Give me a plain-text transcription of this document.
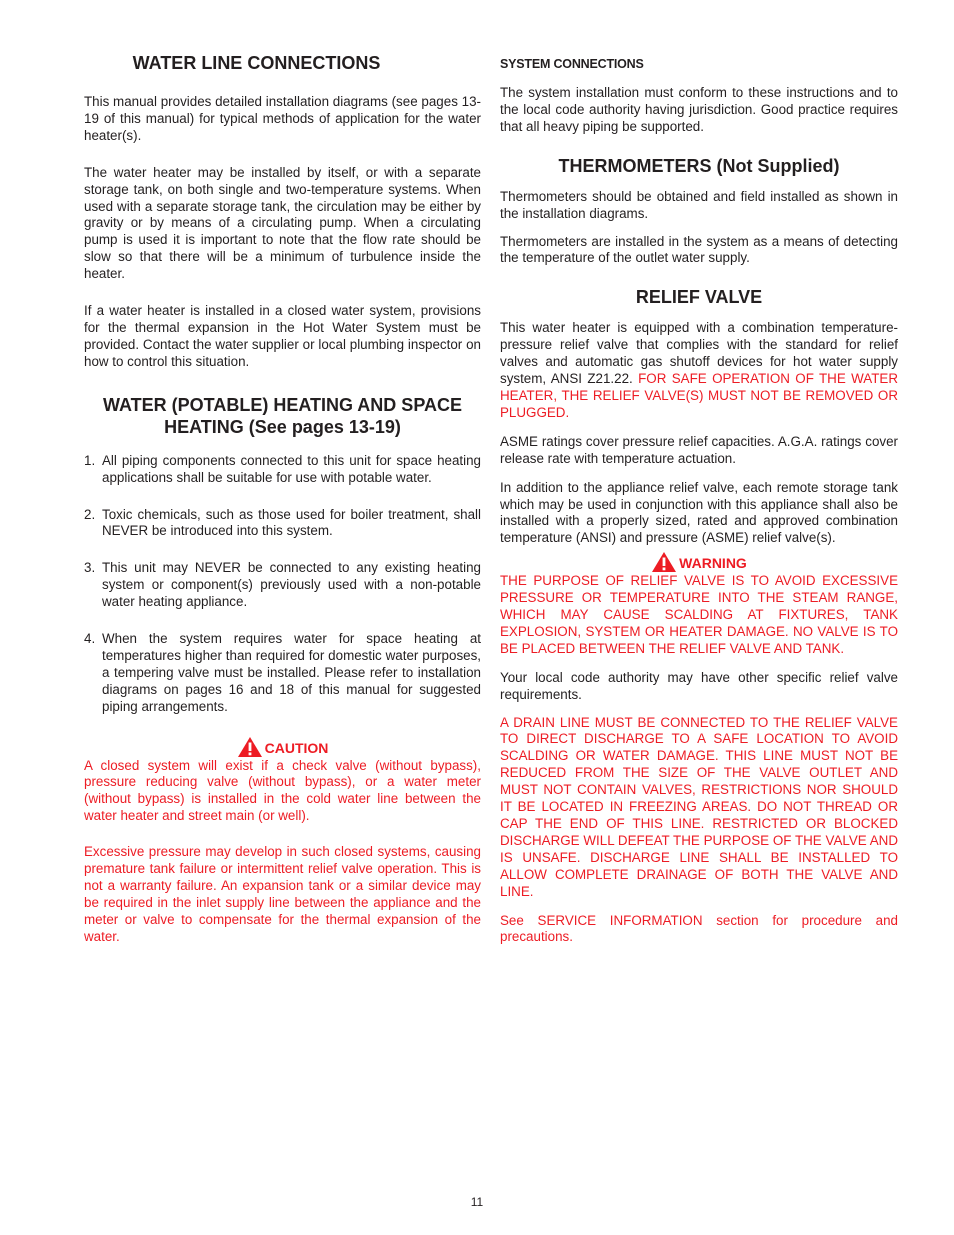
WATER LINE CONNECTIONS

This manual provides detailed installation diagrams (see pages 13-19 of this manual) for typical methods of application for the water heater(s).

The water heater may be installed by itself, or with a separate storage tank, on both single and two-temperature systems. When used with a separate storage tank, the circulation may be either by gravity or by means of a circulating pump. When a circulating pump is used it is important to note that the flow rate should be slow so that there will be a minimum of turbulence inside the heater.

If a water heater is installed in a closed water system, provisions for the thermal expansion in the Hot Water System must be provided. Contact the water supplier or local plumbing inspector on how to control this situation.

WATER (POTABLE) HEATING AND SPACE
HEATING (See pages 13-19)
1. All piping components connected to this unit for space heating applications shall be suitable for use with potable water.
2. Toxic chemicals, such as those used for boiler treatment, shall NEVER be introduced into this system.
3. This unit may NEVER be connected to any existing heating system or component(s) previously used with a non-potable water heating appliance.
4. When the system requires water for space heating at temperatures higher than required for domestic water purposes, a tempering valve must be installed. Please refer to installation diagrams on pages 16 and 18 of this manual for suggested piping arrangements.
CAUTION

A closed system will exist if a check valve (without bypass), pressure reducing valve (without bypass), or a water meter (without bypass) is installed in the cold water line between the water heater and street main (or well).

Excessive pressure may develop in such closed systems, causing premature tank failure or intermittent relief valve operation. This is not a warranty failure. An expansion tank or a similar device may be required in the inlet supply line between the appliance and the meter or valve to compensate for the thermal expansion of the water.

SYSTEM CONNECTIONS

The system installation must conform to these instructions and to the local code authority having jurisdiction. Good practice requires that all heavy piping be supported.

THERMOMETERS (Not Supplied)

Thermometers should be obtained and field installed as shown in the installation diagrams.

Thermometers are installed in the system as a means of detecting the temperature of the outlet water supply.

RELIEF VALVE

This water heater is equipped with a combination temperature-pressure relief valve that complies with the standard for relief valves and automatic gas shutoff devices for hot water supply system, ANSI Z21.22. FOR SAFE OPERATION OF THE WATER HEATER, THE RELIEF VALVE(S) MUST NOT BE REMOVED OR PLUGGED.

ASME ratings cover pressure relief capacities. A.G.A. ratings cover release rate with temperature actuation.

In addition to the appliance relief valve, each remote storage tank which may be used in conjunction with this appliance shall also be installed with a properly sized, rated and approved combination temperature (ANSI) and pressure (ASME) relief valve(s).

WARNING

THE PURPOSE OF RELIEF VALVE IS TO AVOID EXCESSIVE PRESSURE OR TEMPERATURE INTO THE STEAM RANGE, WHICH MAY CAUSE SCALDING AT FIXTURES, TANK EXPLOSION, SYSTEM OR HEATER DAMAGE. NO VALVE IS TO BE PLACED BETWEEN THE RELIEF VALVE AND TANK.

Your local code authority may have other specific relief valve requirements.

A DRAIN LINE MUST BE CONNECTED TO THE RELIEF VALVE TO DIRECT DISCHARGE TO A SAFE LOCATION TO AVOID SCALDING OR WATER DAMAGE. THIS LINE MUST NOT BE REDUCED FROM THE SIZE OF THE VALVE OUTLET AND MUST NOT CONTAIN VALVES, RESTRICTIONS NOR SHOULD IT BE LOCATED IN FREEZING AREAS. DO NOT THREAD OR CAP THE END OF THIS LINE. RESTRICTED OR BLOCKED DISCHARGE WILL DEFEAT THE PURPOSE OF THE VALVE AND IS UNSAFE. DISCHARGE LINE SHALL BE INSTALLED TO ALLOW COMPLETE DRAINAGE OF BOTH THE VALVE AND LINE.

See SERVICE INFORMATION section for procedure and precautions.

11
